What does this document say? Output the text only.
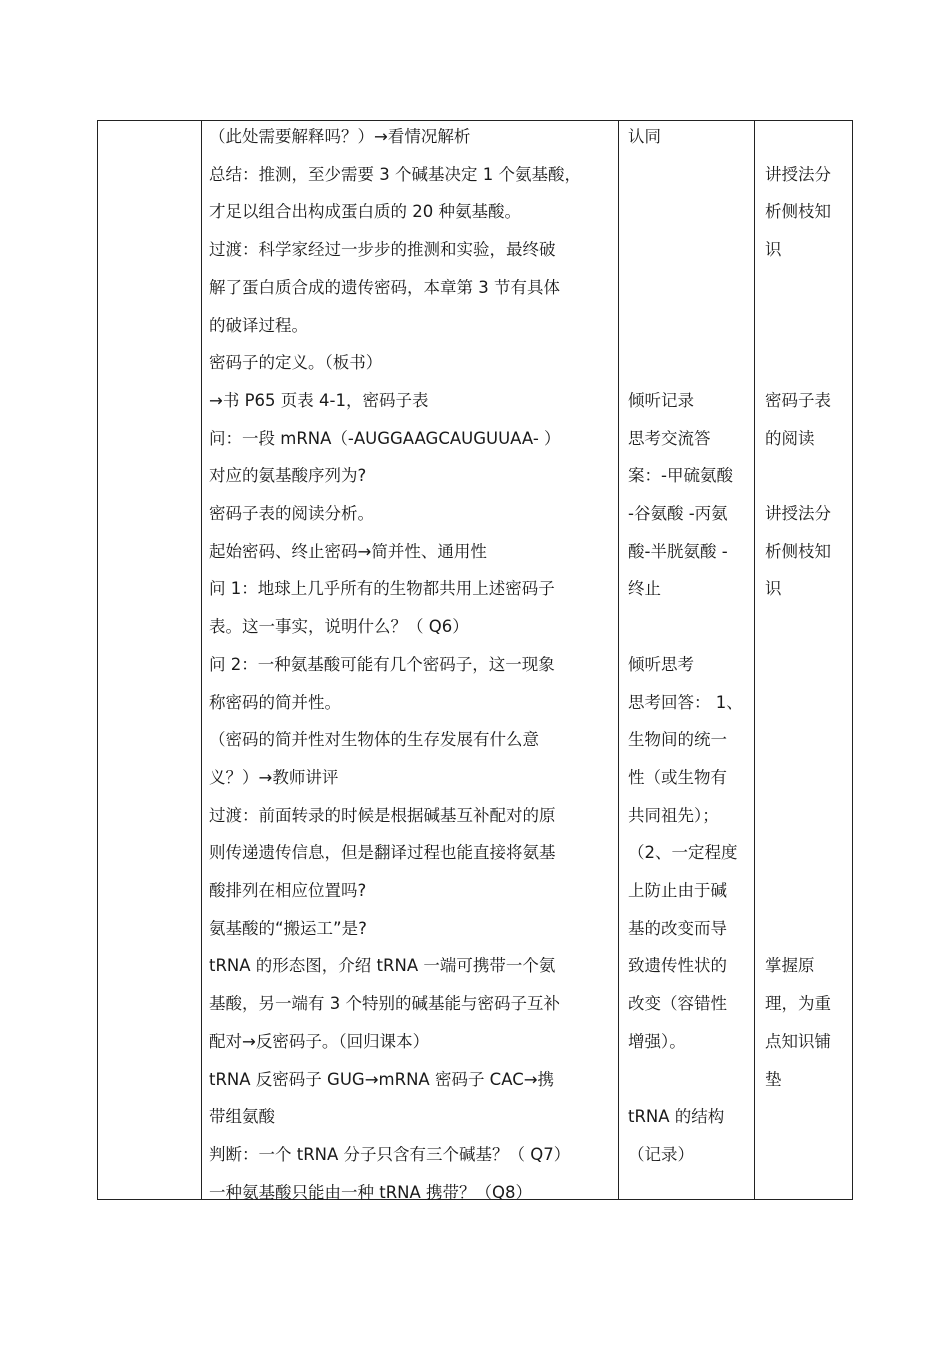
（此处需要解释吗？）→看情况解析
总结：推测，至少需要 3 个碱基决定 1 个氨基酸，
才足以组合出构成蛋白质的 20 种氨基酸。
过渡：科学家经过一步步的推测和实验，最终破
解了蛋白质合成的遗传密码，本章第 3 节有具体
的破译过程。
密码子的定义。（板书）
→书 P65 页表 4-1，密码子表
问：一段 mRNA（-AUGGAAGCAUGUUAA- ）
对应的氨基酸序列为?
密码子表的阅读分析。
起始密码、终止密码→简并性、通用性
问 1：地球上几乎所有的生物都共用上述密码子
表。这一事实，说明什么？（ Q6）
问 2：一种氨基酸可能有几个密码子，这一现象
称密码的简并性。
（密码的简并性对生物体的生存发展有什么意
义？）→教师讲评
过渡：前面转录的时候是根据碱基互补配对的原
则传递遗传信息，但是翻译过程也能直接将氨基
酸排列在相应位置吗?
氨基酸的“搬运工”是?
tRNA 的形态图，介绍 tRNA 一端可携带一个氨
基酸，另一端有 3 个特别的碱基能与密码子互补
配对→反密码子。（回归课本）
tRNA 反密码子 GUG→mRNA 密码子 CAC→携
带组氨酸
判断：一个 tRNA 分子只含有三个碱基？（ Q7）
一种氨基酸只能由一种 tRNA 携带？（Q8）
认同
倾听记录
思考交流答
案：-甲硫氨酸
-谷氨酸 -丙氨
酸-半胱氨酸 -
终止
倾听思考
思考回答： 1、
生物间的统一
性（或生物有
共同祖先）；
（2、一定程度
上防止由于碱
基的改变而导
致遗传性状的
改变（容错性
增强）。
tRNA 的结构
（记录）
讲授法分
析侧枝知
识
密码子表
的阅读
讲授法分
析侧枝知
识
掌握原
理，为重
点知识铺
垫
